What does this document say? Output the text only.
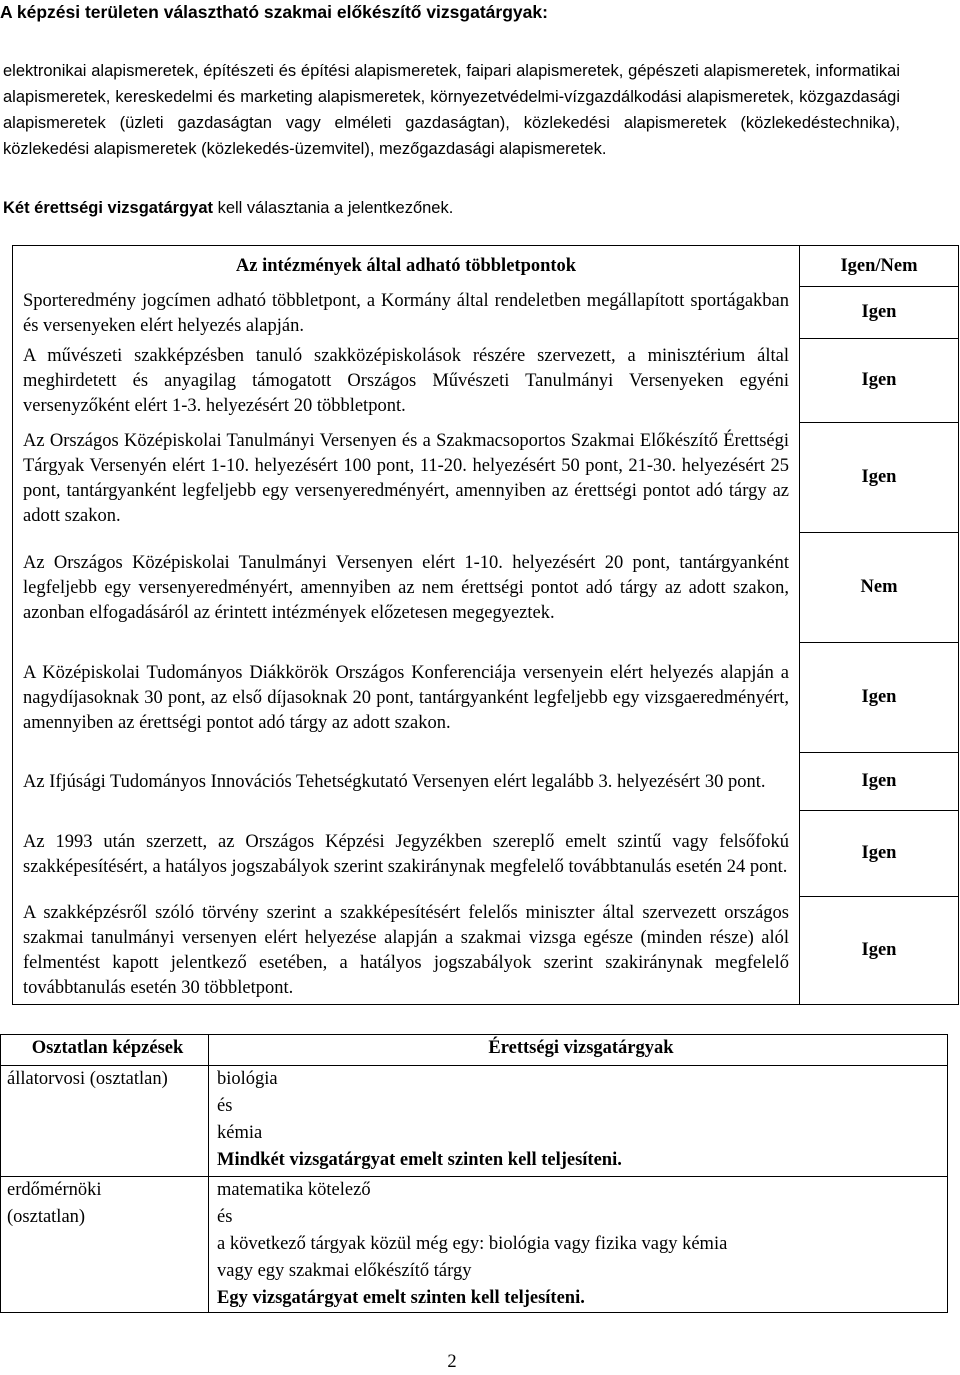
A képzési területen választható szakmai előkészítő vizsgatárgyak:

elektronikai alapismeretek, építészeti és építési alapismeretek, faipari alapismeretek, gépészeti alapismeretek, informatikai alapismeretek, kereskedelmi és marketing alapismeretek, környezetvédelmi-vízgazdálkodási alapismeretek, közgazdasági alapismeretek (üzleti gazdaságtan vagy elméleti gazdaságtan), közlekedési alapismeretek (közlekedéstechnika), közlekedési alapismeretek (közlekedés-üzemvitel), mezőgazdasági alapismeretek.

Két érettségi vizsgatárgyat kell választania a jelentkezőnek.

Az intézmények által adható többletpontok	Igen/Nem

Sporteredmény jogcímen adható többletpont, a Kormány által rendeletben megállapított sportágakban és versenyeken elért helyezés alapján.	Igen

A művészeti szakképzésben tanuló szakközépiskolások részére szervezett, a minisztérium által meghirdetett és anyagilag támogatott Országos Művészeti Tanulmányi Versenyeken egyéni versenyzőként elért 1-3. helyezésért 20 többletpont.	Igen

Az Országos Középiskolai Tanulmányi Versenyen és a Szakmacsoportos Szakmai Előkészítő Érettségi Tárgyak Versenyén elért 1-10. helyezésért 100 pont, 11-20. helyezésért 50 pont, 21-30. helyezésért 25 pont, tantárgyanként legfeljebb egy versenyeredményért, amennyiben az érettségi pontot adó tárgy az adott szakon.	Igen

Az Országos Középiskolai Tanulmányi Versenyen elért 1-10. helyezésért 20 pont, tantárgyanként legfeljebb egy versenyeredményért, amennyiben az nem érettségi pontot adó tárgy az adott szakon, azonban elfogadásáról az érintett intézmények előzetesen megegyeztek.	Nem

A Középiskolai Tudományos Diákkörök Országos Konferenciája versenyein elért helyezés alapján a nagydíjasoknak 30 pont, az első díjasoknak 20 pont, tantárgyanként legfeljebb egy vizsgaeredményért, amennyiben az érettségi pontot adó tárgy az adott szakon.	Igen

Az Ifjúsági Tudományos Innovációs Tehetségkutató Versenyen elért legalább 3. helyezésért 30 pont.	Igen

Az 1993 után szerzett, az Országos Képzési Jegyzékben szereplő emelt szintű vagy felsőfokú szakképesítésért, a hatályos jogszabályok szerint szakiránynak megfelelő továbbtanulás esetén 24 pont.	Igen

A szakképzésről szóló törvény szerint a szakképesítésért felelős miniszter által szervezett országos szakmai tanulmányi versenyen elért helyezése alapján a szakmai vizsga egésze (minden része) alól felmentést kapott jelentkező esetében, a hatályos jogszabályok szerint szakiránynak megfelelő továbbtanulás esetén 30 többletpont.	Igen
Osztatlan képzések	Érettségi vizsgatárgyak
állatorvosi (osztatlan)	biológia
és
kémia
Mindkét vizsgatárgyat emelt szinten kell teljesíteni.

erdőmérnöki (osztatlan)	matematika kötelező
és
a következő tárgyak közül még egy: biológia vagy fizika vagy kémia
vagy egy szakmai előkészítő tárgy
Egy vizsgatárgyat emelt szinten kell teljesíteni.
2
